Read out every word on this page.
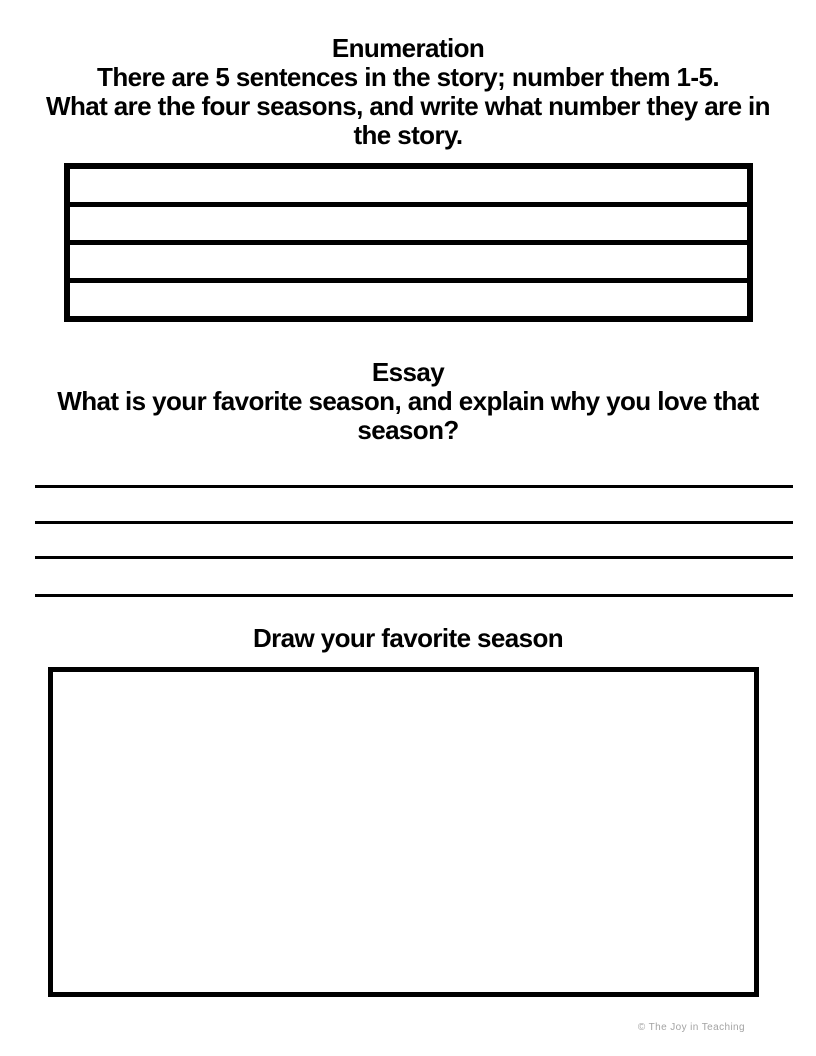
Enumeration

There are 5 sentences in the story; number them 1-5.

What are the four seasons, and write what number they are in the story.

Essay

What is your favorite season, and explain why you love that season?

Draw your favorite season
© The Joy in Teaching
